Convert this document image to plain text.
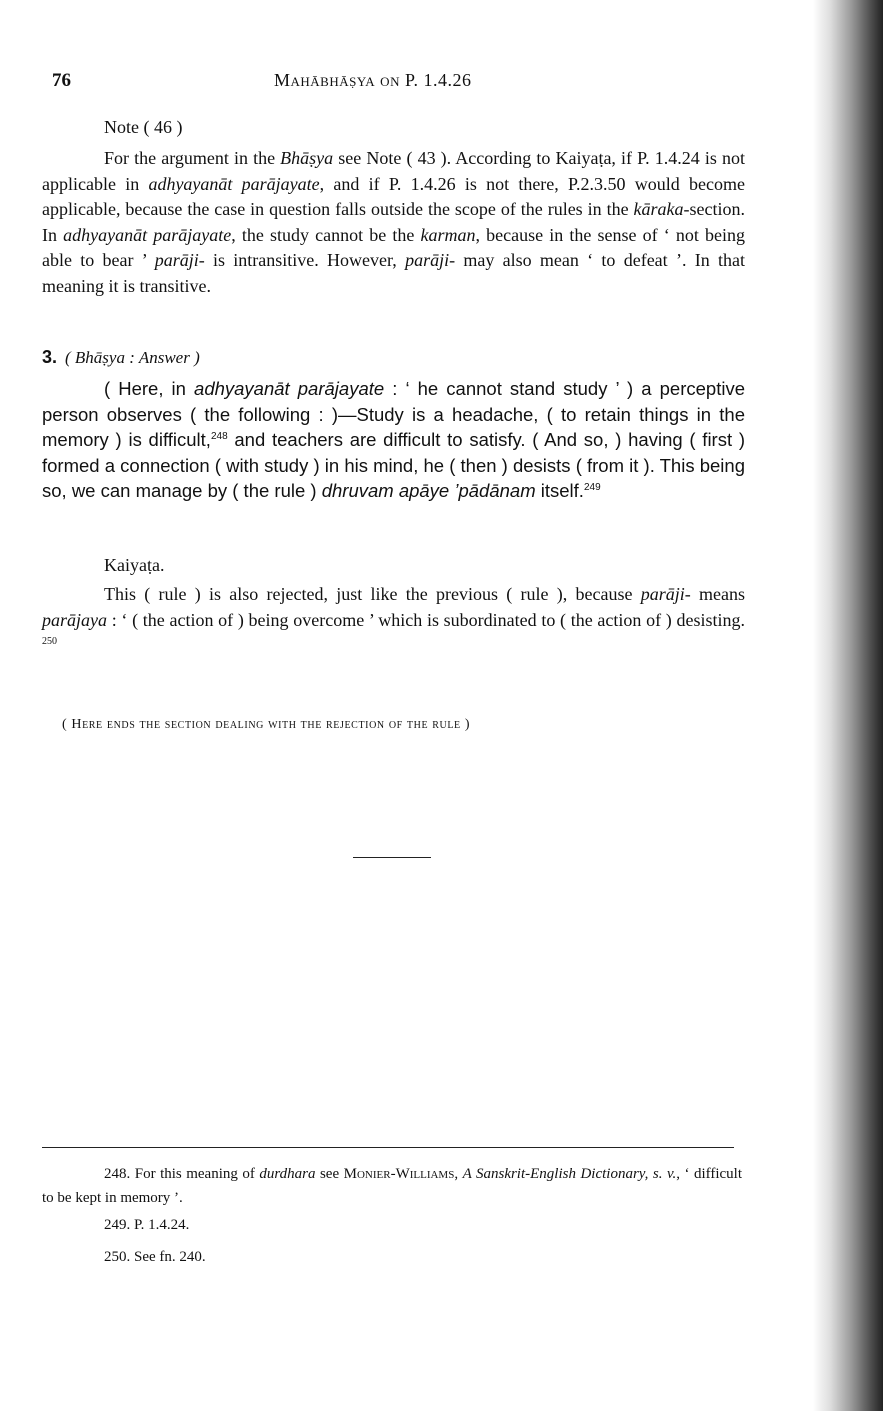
76	Mahābhāṣya on P. 1.4.26
Note ( 46 )
For the argument in the Bhāṣya see Note ( 43 ). According to Kaiyaṭa, if P. 1.4.24 is not applicable in adhyayanāt parājayate, and if P. 1.4.26 is not there, P.2.3.50 would become applicable, because the case in question falls outside the scope of the rules in the kāraka-section. In adhyayanāt parājayate, the study cannot be the karman, because in the sense of ‘ not being able to bear ’ parāji- is intransitive. However, parāji- may also mean ‘ to defeat ’. In that meaning it is transitive.
3. ( Bhāṣya : Answer )
( Here, in adhyayanāt parājayate : ‘ he cannot stand study ’ ) a perceptive person observes ( the following : )—Study is a headache, ( to retain things in the memory ) is difficult,$^{248}$ and teachers are difficult to satisfy. ( And so, ) having ( first ) formed a connection ( with study ) in his mind, he ( then ) desists ( from it ). This being so, we can manage by ( the rule ) dhruvam apāye ’pādānam itself.$^{249}$
Kaiyaṭa.
This ( rule ) is also rejected, just like the previous ( rule ), because parāji- means parājaya : ‘ ( the action of ) being overcome ’ which is subordinated to ( the action of ) desisting. $^{250}$
( Here ends the section dealing with the rejection of the rule )
248. For this meaning of durdhara see Monier-Williams, A Sanskrit-English Dictionary, s. v., ‘ difficult to be kept in memory ’.
249. P. 1.4.24.
250. See fn. 240.
